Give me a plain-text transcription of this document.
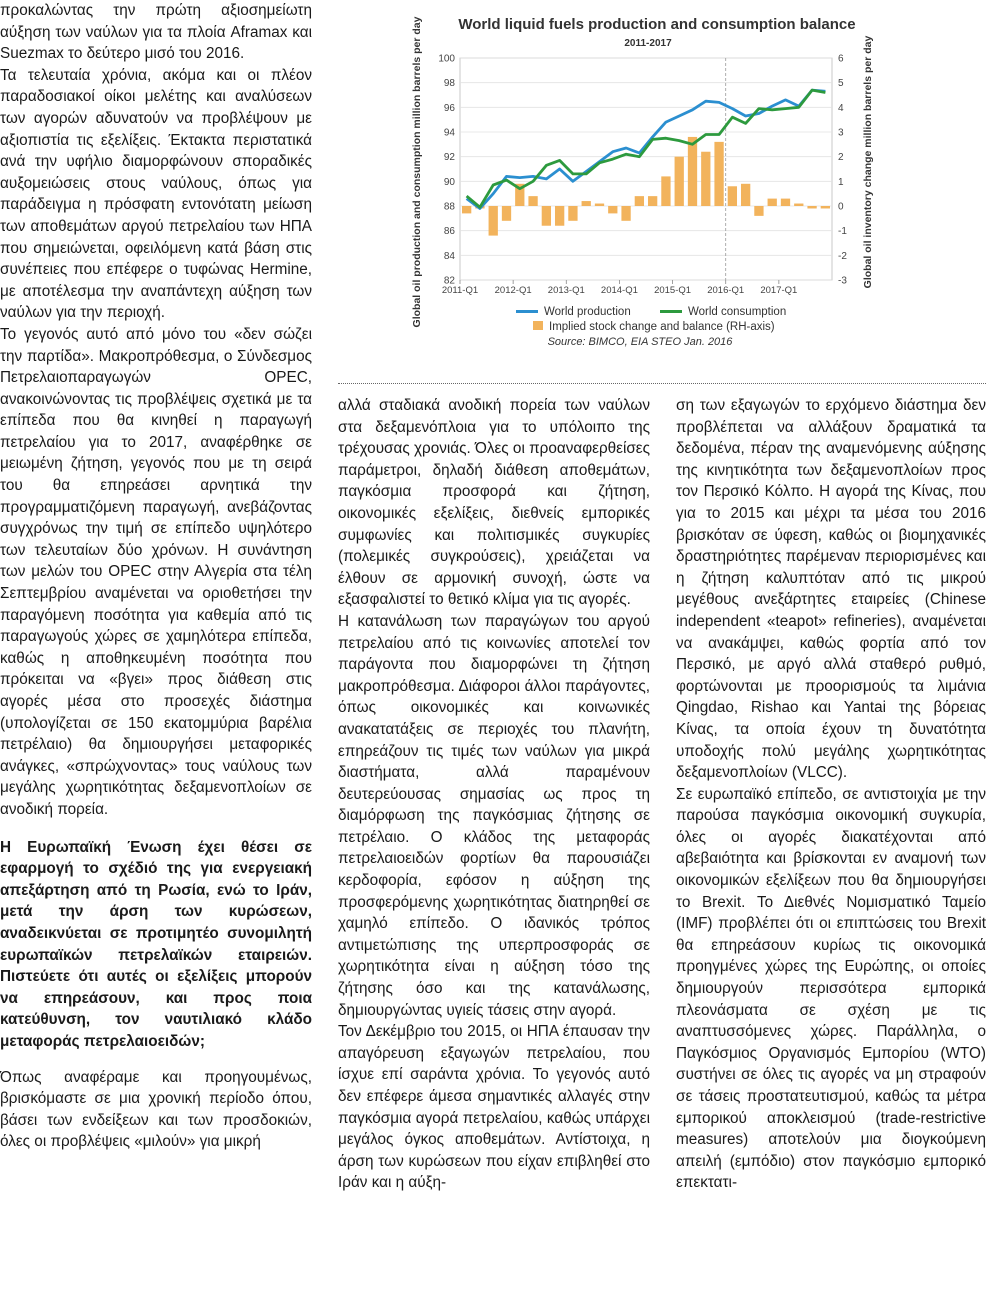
προκαλώντας την πρώτη αξιοσημείωτη αύξηση των ναύλων για τα πλοία Aframax και Suezmax το δεύτερο μισό του 2016.

Τα τελευταία χρόνια, ακόμα και οι πλέον παραδοσιακοί οίκοι μελέτης και αναλύσεων των αγορών αδυνατούν να προβλέψουν με αξιοπιστία τις εξελίξεις. Έκτακτα περιστατικά ανά την υφήλιο διαμορφώνουν σποραδικές αυξομειώσεις στους ναύλους, όπως για παράδειγμα η πρόσφατη εντονότατη μείωση των αποθεμάτων αργού πετρελαίου των ΗΠΑ που σημειώνεται, οφειλόμενη κατά βάση στις συνέπειες που επέφερε ο τυφώνας Hermine, με αποτέλεσμα την αναπάντεχη αύξηση των ναύλων για την περιοχή.

Το γεγονός αυτό από μόνο του «δεν σώζει την παρτίδα». Μακροπρόθεσμα, ο Σύνδεσμος Πετρελαιοπαραγωγών OPEC, ανακοινώνοντας τις προβλέψεις σχετικά με τα επίπεδα που θα κινηθεί η παραγωγή πετρελαίου για το 2017, αναφέρθηκε σε μειωμένη ζήτηση, γεγονός που με τη σειρά του θα επηρεάσει αρνητικά την προγραμματιζόμενη παραγωγή, ανεβάζοντας συγχρόνως την τιμή σε επίπεδο υψηλότερο των τελευταίων δύο χρόνων. Η συνάντηση των μελών του OPEC στην Αλγερία στα τέλη Σεπτεμβρίου αναμένεται να οριοθετήσει την παραγόμενη ποσότητα για καθεμία από τις παραγωγούς χώρες σε χαμηλότερα επίπεδα, καθώς η αποθηκευμένη ποσότητα που πρόκειται να «βγει» προς διάθεση στις αγορές μέσα στο προσεχές διάστημα (υπολογίζεται σε 150 εκατομμύρια βαρέλια πετρέλαιο) θα δημιουργήσει μεταφορικές ανάγκες, «σπρώχνοντας» τους ναύλους των μεγάλης χωρητικότητας δεξαμενοπλοίων σε ανοδική πορεία.

Η Ευρωπαϊκή Ένωση έχει θέσει σε εφαρμογή το σχέδιό της για ενεργειακή απεξάρτηση από τη Ρωσία, ενώ το Ιράν, μετά την άρση των κυρώσεων, αναδεικνύεται σε προτιμητέο συνομιλητή ευρωπαϊκών πετρελαϊκών εταιρειών. Πιστεύετε ότι αυτές οι εξελίξεις μπορούν να επηρεάσουν, και προς ποια κατεύθυνση, τον ναυτιλιακό κλάδο μεταφοράς πετρελαιοειδών;

Όπως αναφέραμε και προηγουμένως, βρισκόμαστε σε μια χρονική περίοδο όπου, βάσει των ενδείξεων και των προσδοκιών, όλες οι προβλέψεις «μιλούν» για μικρή

World liquid fuels production and consumption balance
2011-2017
Global oil production and consumption million barrels per day	Global oil inventory change million barrels per day
82
84
86
88
90
92
94
96
98
100
-3
-2
-1
0
1
2
3
4
5
6
2011-Q1 2012-Q1 2013-Q1 2014-Q1 2015-Q1 2016-Q1 2017-Q1
World production	World consumption
Implied stock change and balance (RH-axis)
Source: BIMCO, EIA STEO Jan. 2016

αλλά σταδιακά ανοδική πορεία των ναύλων στα δεξαμενόπλοια για το υπόλοιπο της τρέχουσας χρονιάς. Όλες οι προαναφερθείσες παράμετροι, δηλαδή διάθεση αποθεμάτων, παγκόσμια προσφορά και ζήτηση, οικονομικές εξελίξεις, διεθνείς εμπορικές συμφωνίες και πολιτισμικές συγκυρίες (πολεμικές συγκρούσεις), χρειάζεται να έλθουν σε αρμονική συνοχή, ώστε να εξασφαλιστεί το θετικό κλίμα για τις αγορές.

Η κατανάλωση των παραγώγων του αργού πετρελαίου από τις κοινωνίες αποτελεί τον παράγοντα που διαμορφώνει τη ζήτηση μακροπρόθεσμα. Διάφοροι άλλοι παράγοντες, όπως οικονομικές και κοινωνικές ανακατατάξεις σε περιοχές του πλανήτη, επηρεάζουν τις τιμές των ναύλων για μικρά διαστήματα, αλλά παραμένουν δευτερεύουσας σημασίας ως προς τη διαμόρφωση της παγκόσμιας ζήτησης σε πετρέλαιο. Ο κλάδος της μεταφοράς πετρελαιοειδών φορτίων θα παρουσιάζει κερδοφορία, εφόσον η αύξηση της προσφερόμενης χωρητικότητας διατηρηθεί σε χαμηλό επίπεδο. Ο ιδανικός τρόπος αντιμετώπισης της υπερπροσφοράς σε χωρητικότητα είναι η αύξηση τόσο της ζήτησης όσο και της κατανάλωσης, δημιουργώντας υγιείς τάσεις στην αγορά.

Τον Δεκέμβριο του 2015, οι ΗΠΑ έπαυσαν την απαγόρευση εξαγωγών πετρελαίου, που ίσχυε επί σαράντα χρόνια. Το γεγονός αυτό δεν επέφερε άμεσα σημαντικές αλλαγές στην παγκόσμια αγορά πετρελαίου, καθώς υπάρχει μεγάλος όγκος αποθεμάτων. Αντίστοιχα, η άρση των κυρώσεων που είχαν επιβληθεί στο Ιράν και η αύξη-

ση των εξαγωγών το ερχόμενο διάστημα δεν προβλέπεται να αλλάξουν δραματικά τα δεδομένα, πέραν της αναμενόμενης αύξησης της κινητικότητα των δεξαμενοπλοίων προς τον Περσικό Κόλπο. Η αγορά της Κίνας, που για το 2015 και μέχρι τα μέσα του 2016 βρισκόταν σε ύφεση, καθώς οι βιομηχανικές δραστηριότητες παρέμεναν περιορισμένες και η ζήτηση καλυπτόταν από τις μικρού μεγέθους ανεξάρτητες εταιρείες (Chinese independent «teapot» refineries), αναμένεται να ανακάμψει, καθώς φορτία από τον Περσικό, με αργό αλλά σταθερό ρυθμό, φορτώνονται με προορισμούς τα λιμάνια Qingdao, Rishao και Yantai της βόρειας Κίνας, τα οποία έχουν τη δυνατότητα υποδοχής πολύ μεγάλης χωρητικότητας δεξαμενοπλοίων (VLCC).

Σε ευρωπαϊκό επίπεδο, σε αντιστοιχία με την παρούσα παγκόσμια οικονομική συγκυρία, όλες οι αγορές διακατέχονται από αβεβαιότητα και βρίσκονται εν αναμονή των οικονομικών εξελίξεων που θα δημιουργήσει το Brexit. Το Διεθνές Νομισματικό Ταμείο (IMF) προβλέπει ότι οι επιπτώσεις του Brexit θα επηρεάσουν κυρίως τις οικονομικά προηγμένες χώρες της Ευρώπης, οι οποίες δημιουργούν περισσότερα εμπορικά πλεονάσματα σε σχέση με τις αναπτυσσόμενες χώρες. Παράλληλα, ο Παγκόσμιος Οργανισμός Εμπορίου (WTO) συστήνει σε όλες τις αγορές να μη στραφούν σε τάσεις προστατευτισμού, καθώς τα μέτρα εμπορικού αποκλεισμού (trade-restrictive measures) αποτελούν μια διογκούμενη απειλή (εμπόδιο) στον παγκόσμιο εμπορικό επεκτατι-
